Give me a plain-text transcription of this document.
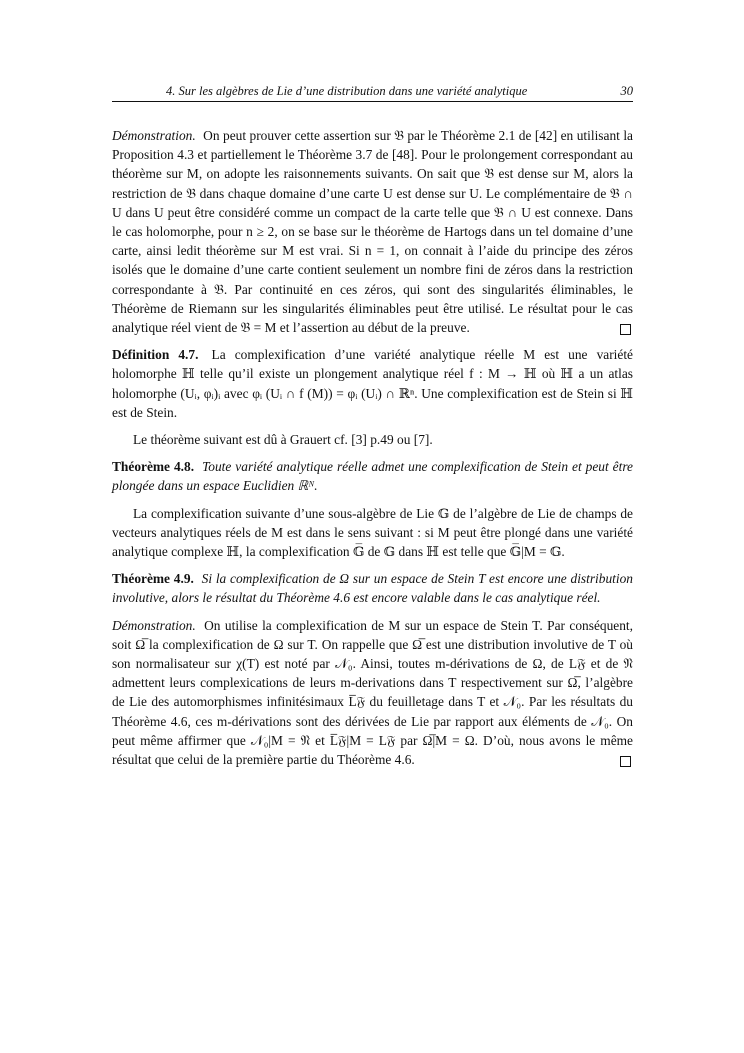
4. Sur les algèbres de Lie d’une distribution dans une variété analytique	30
Démonstration. On peut prouver cette assertion sur 𝔅 par le Théorème 2.1 de [42] en utilisant la Proposition 4.3 et partiellement le Théorème 3.7 de [48]. Pour le prolongement correspondant au théorème sur M, on adopte les raisonnements suivants. On sait que 𝔅 est dense sur M, alors la restriction de 𝔅 dans chaque domaine d’une carte U est dense sur U. Le complémentaire de 𝔅 ∩ U dans U peut être considéré comme un compact de la carte telle que 𝔅 ∩ U est connexe. Dans le cas holomorphe, pour n ≥ 2, on se base sur le théorème de Hartogs dans un tel domaine d’une carte, ainsi ledit théorème sur M est vrai. Si n = 1, on connait à l’aide du principe des zéros isolés que le domaine d’une carte contient seulement un nombre fini de zéros dans la restriction correspondante à 𝔅. Par continuité en ces zéros, qui sont des singularités éliminables, le Théorème de Riemann sur les singularités éliminables peut être utilisé. Le résultat pour le cas analytique réel vient de 𝔅 = M et l’assertion au début de la preuve.
Définition 4.7. La complexification d’une variété analytique réelle M est une variété holomorphe ℍ telle qu’il existe un plongement analytique réel f : M → ℍ où ℍ a un atlas holomorphe (Uᵢ, φᵢ)ᵢ avec φᵢ (Uᵢ ∩ f (M)) = φᵢ (Uᵢ) ∩ ℝⁿ. Une complexification est de Stein si ℍ est de Stein.
Le théorème suivant est dû à Grauert cf. [3] p.49 ou [7].
Théorème 4.8. Toute variété analytique réelle admet une complexification de Stein et peut être plongée dans un espace Euclidien ℝᴺ.
La complexification suivante d’une sous-algèbre de Lie 𝔾 de l’algèbre de Lie de champs de vecteurs analytiques réels de M est dans le sens suivant : si M peut être plongé dans une variété analytique complexe ℍ, la complexification 𝔾̅ de 𝔾 dans ℍ est telle que 𝔾̅|M = 𝔾.
Théorème 4.9. Si la complexification de Ω sur un espace de Stein T est encore une distribution involutive, alors le résultat du Théorème 4.6 est encore valable dans le cas analytique réel.
Démonstration. On utilise la complexification de M sur un espace de Stein T. Par conséquent, soit Ω̅ la complexification de Ω sur T. On rappelle que Ω̅ est une distribution involutive de T où son normalisateur sur χ(T) est noté par 𝒩₀. Ainsi, toutes m-dérivations de Ω, de L𝔉 et de 𝔑 admettent leurs complexications de leurs m-derivations dans T respectivement sur Ω̅, l’algèbre de Lie des automorphismes infinitésimaux L̅𝔉 du feuilletage dans T et 𝒩₀. Par les résultats du Théorème 4.6, ces m-dérivations sont des dérivées de Lie par rapport aux éléments de 𝒩₀. On peut même affirmer que 𝒩₀|M = 𝔑 et L̅𝔉|M = L𝔉 par Ω̅|M = Ω. D’où, nous avons le même résultat que celui de la première partie du Théorème 4.6.
